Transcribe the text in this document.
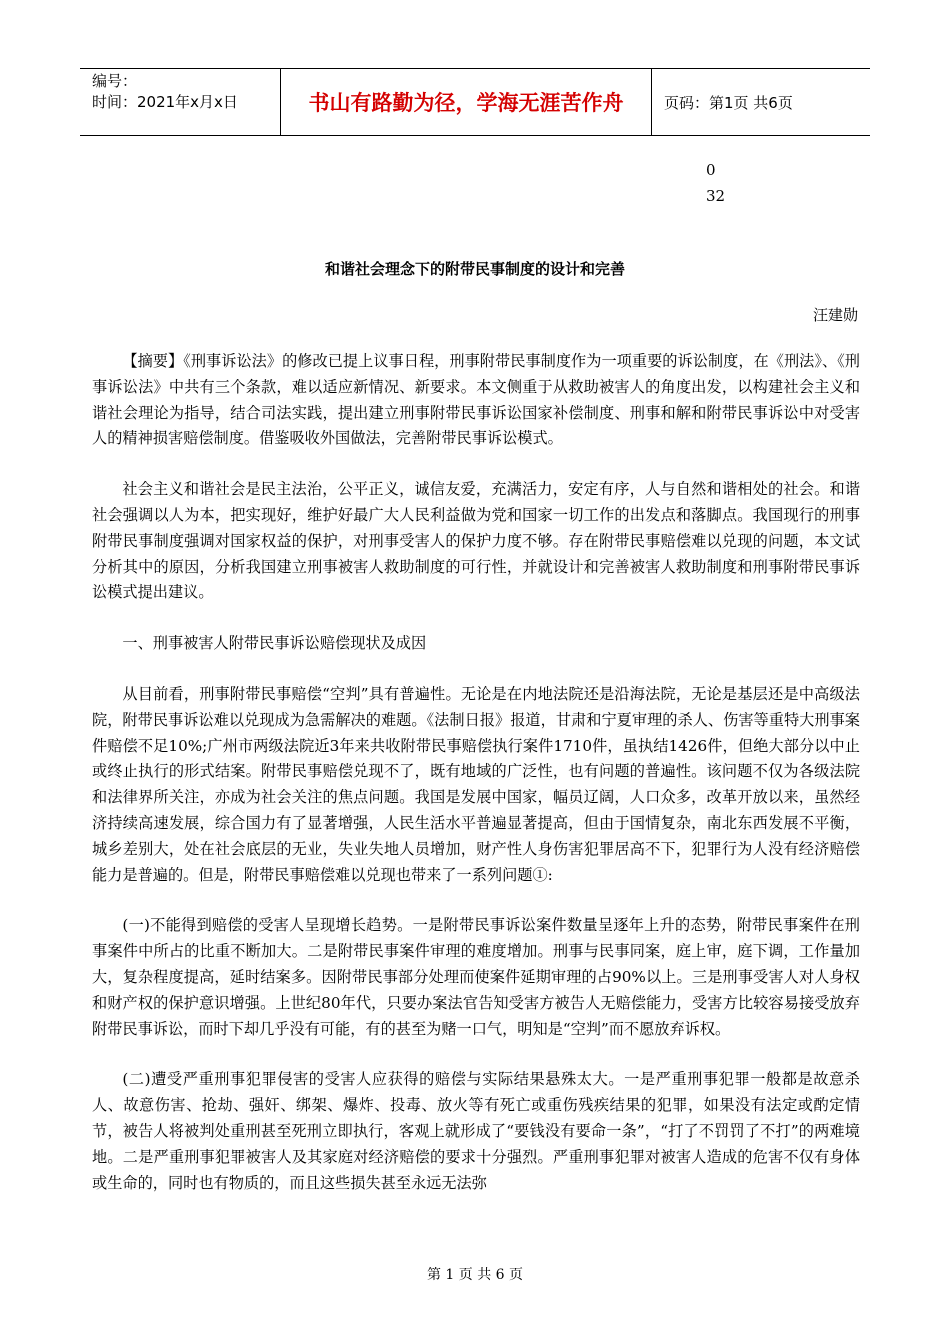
编号：
时间：2021年x月x日	书山有路勤为径，学海无涯苦作舟	页码：第1页 共6页
0
32
和谐社会理念下的附带民事制度的设计和完善
汪建勋

【摘要】《刑事诉讼法》的修改已提上议事日程，刑事附带民事制度作为一项重要的诉讼制度，在《刑法》、《刑事诉讼法》中共有三个条款，难以适应新情况、新要求。本文侧重于从救助被害人的角度出发，以构建社会主义和谐社会理论为指导，结合司法实践，提出建立刑事附带民事诉讼国家补偿制度、刑事和解和附带民事诉讼中对受害人的精神损害赔偿制度。借鉴吸收外国做法，完善附带民事诉讼模式。

社会主义和谐社会是民主法治，公平正义，诚信友爱，充满活力，安定有序，人与自然和谐相处的社会。和谐社会强调以人为本，把实现好，维护好最广大人民利益做为党和国家一切工作的出发点和落脚点。我国现行的刑事附带民事制度强调对国家权益的保护，对刑事受害人的保护力度不够。存在附带民事赔偿难以兑现的问题，本文试分析其中的原因，分析我国建立刑事被害人救助制度的可行性，并就设计和完善被害人救助制度和刑事附带民事诉讼模式提出建议。

一、刑事被害人附带民事诉讼赔偿现状及成因

从目前看，刑事附带民事赔偿“空判”具有普遍性。无论是在内地法院还是沿海法院，无论是基层还是中高级法院，附带民事诉讼难以兑现成为急需解决的难题。《法制日报》报道，甘肃和宁夏审理的杀人、伤害等重特大刑事案件赔偿不足10%;广州市两级法院近3年来共收附带民事赔偿执行案件1710件，虽执结1426件，但绝大部分以中止或终止执行的形式结案。附带民事赔偿兑现不了，既有地域的广泛性，也有问题的普遍性。该问题不仅为各级法院和法律界所关注，亦成为社会关注的焦点问题。我国是发展中国家，幅员辽阔，人口众多，改革开放以来，虽然经济持续高速发展，综合国力有了显著增强，人民生活水平普遍显著提高，但由于国情复杂，南北东西发展不平衡，城乡差别大，处在社会底层的无业，失业失地人员增加，财产性人身伤害犯罪居高不下，犯罪行为人没有经济赔偿能力是普遍的。但是，附带民事赔偿难以兑现也带来了一系列问题①:

(一)不能得到赔偿的受害人呈现增长趋势。一是附带民事诉讼案件数量呈逐年上升的态势，附带民事案件在刑事案件中所占的比重不断加大。二是附带民事案件审理的难度增加。刑事与民事同案，庭上审，庭下调，工作量加大，复杂程度提高，延时结案多。因附带民事部分处理而使案件延期审理的占90%以上。三是刑事受害人对人身权和财产权的保护意识增强。上世纪80年代，只要办案法官告知受害方被告人无赔偿能力，受害方比较容易接受放弃附带民事诉讼，而时下却几乎没有可能，有的甚至为赌一口气，明知是“空判”而不愿放弃诉权。

(二)遭受严重刑事犯罪侵害的受害人应获得的赔偿与实际结果悬殊太大。一是严重刑事犯罪一般都是故意杀人、故意伤害、抢劫、强奸、绑架、爆炸、投毒、放火等有死亡或重伤残疾结果的犯罪，如果没有法定或酌定情节，被告人将被判处重刑甚至死刑立即执行，客观上就形成了“要钱没有要命一条”，“打了不罚罚了不打”的两难境地。二是严重刑事犯罪被害人及其家庭对经济赔偿的要求十分强烈。严重刑事犯罪对被害人造成的危害不仅有身体或生命的，同时也有物质的，而且这些损失甚至永远无法弥

第 1 页 共 6 页
